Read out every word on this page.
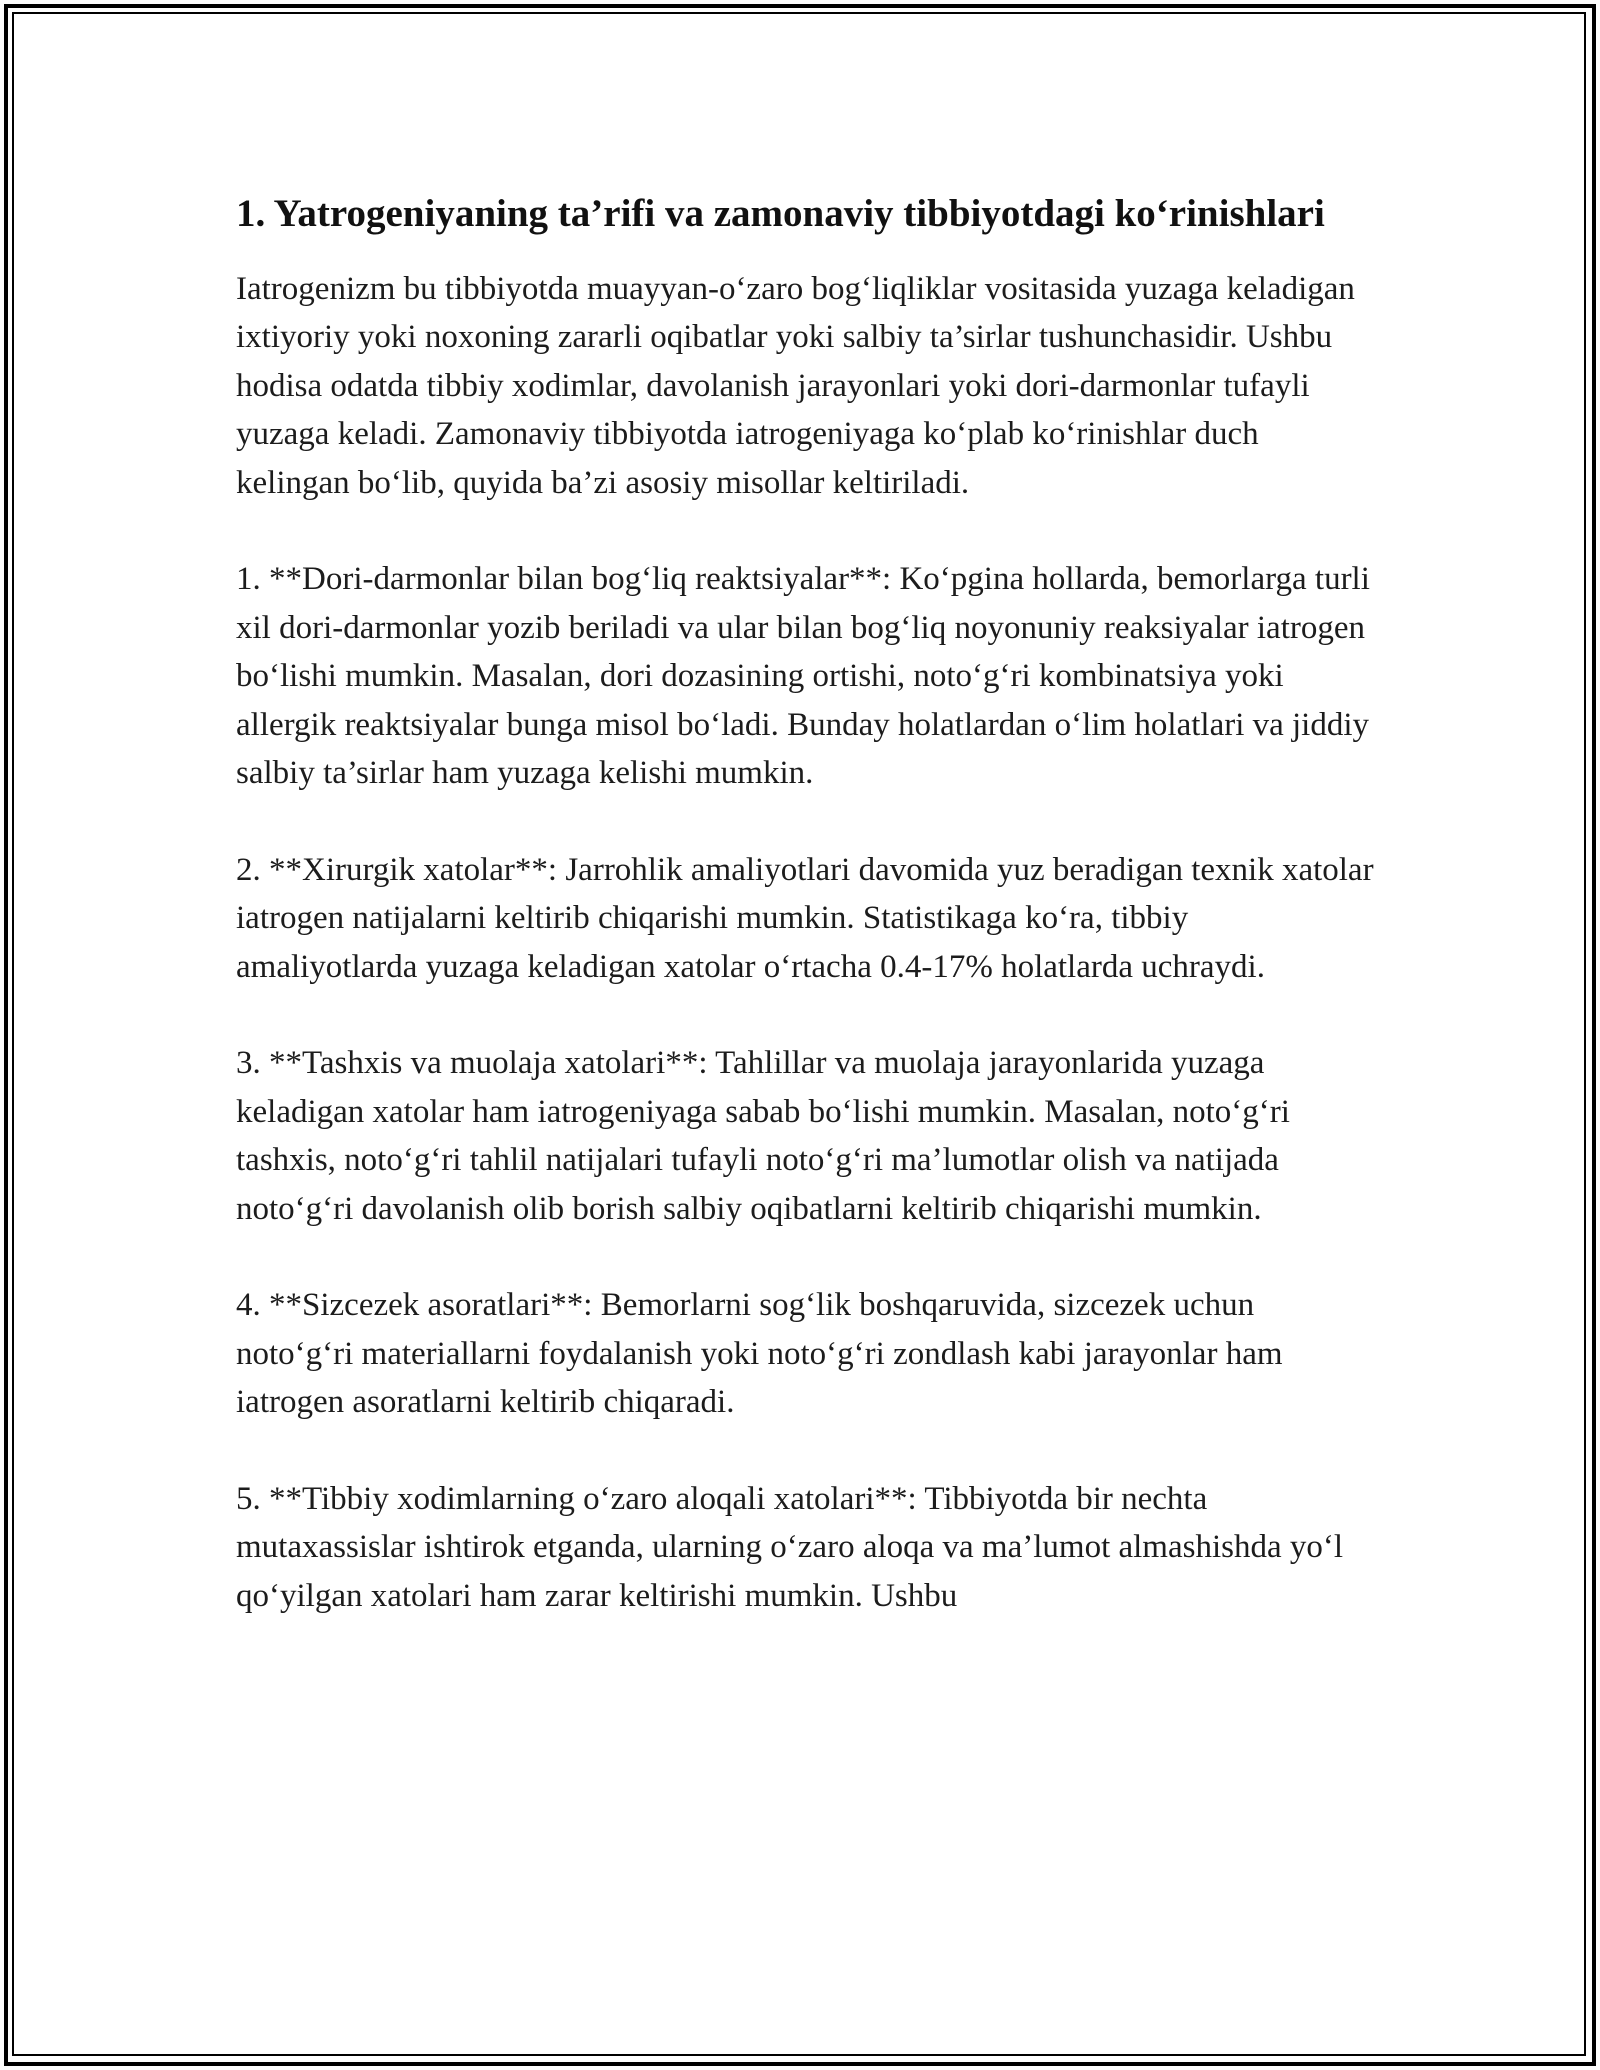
1. Yatrogeniyaning ta’rifi va zamonaviy tibbiyotdagi ko‘rinishlari

Iatrogenizm bu tibbiyotda muayyan-o‘zaro bog‘liqliklar vositasida yuzaga keladigan ixtiyoriy yoki noxoning zararli oqibatlar yoki salbiy ta’sirlar tushunchasidir. Ushbu hodisa odatda tibbiy xodimlar, davolanish jarayonlari yoki dori-darmonlar tufayli yuzaga keladi. Zamonaviy tibbiyotda iatrogeniyaga ko‘plab ko‘rinishlar duch kelingan bo‘lib, quyida ba’zi asosiy misollar keltiriladi.

1. **Dori-darmonlar bilan bog‘liq reaktsiyalar**: Ko‘pgina hollarda, bemorlarga turli xil dori-darmonlar yozib beriladi va ular bilan bog‘liq noyonuniy reaksiyalar iatrogen bo‘lishi mumkin. Masalan, dori dozasining ortishi, noto‘g‘ri kombinatsiya yoki allergik reaktsiyalar bunga misol bo‘ladi. Bunday holatlardan o‘lim holatlari va jiddiy salbiy ta’sirlar ham yuzaga kelishi mumkin.

2. **Xirurgik xatolar**: Jarrohlik amaliyotlari davomida yuz beradigan texnik xatolar iatrogen natijalarni keltirib chiqarishi mumkin. Statistikaga ko‘ra, tibbiy amaliyotlarda yuzaga keladigan xatolar o‘rtacha 0.4-17% holatlarda uchraydi.

3. **Tashxis va muolaja xatolari**: Tahlillar va muolaja jarayonlarida yuzaga keladigan xatolar ham iatrogeniyaga sabab bo‘lishi mumkin. Masalan, noto‘g‘ri tashxis, noto‘g‘ri tahlil natijalari tufayli noto‘g‘ri ma’lumotlar olish va natijada noto‘g‘ri davolanish olib borish salbiy oqibatlarni keltirib chiqarishi mumkin.

4. **Sizcezek asoratlari**: Bemorlarni sog‘lik boshqaruvida, sizcezek uchun noto‘g‘ri materiallarni foydalanish yoki noto‘g‘ri zondlash kabi jarayonlar ham iatrogen asoratlarni keltirib chiqaradi.

5. **Tibbiy xodimlarning o‘zaro aloqali xatolari**: Tibbiyotda bir nechta mutaxassislar ishtirok etganda, ularning o‘zaro aloqa va ma’lumot almashishda yo‘l qo‘yilgan xatolari ham zarar keltirishi mumkin. Ushbu
